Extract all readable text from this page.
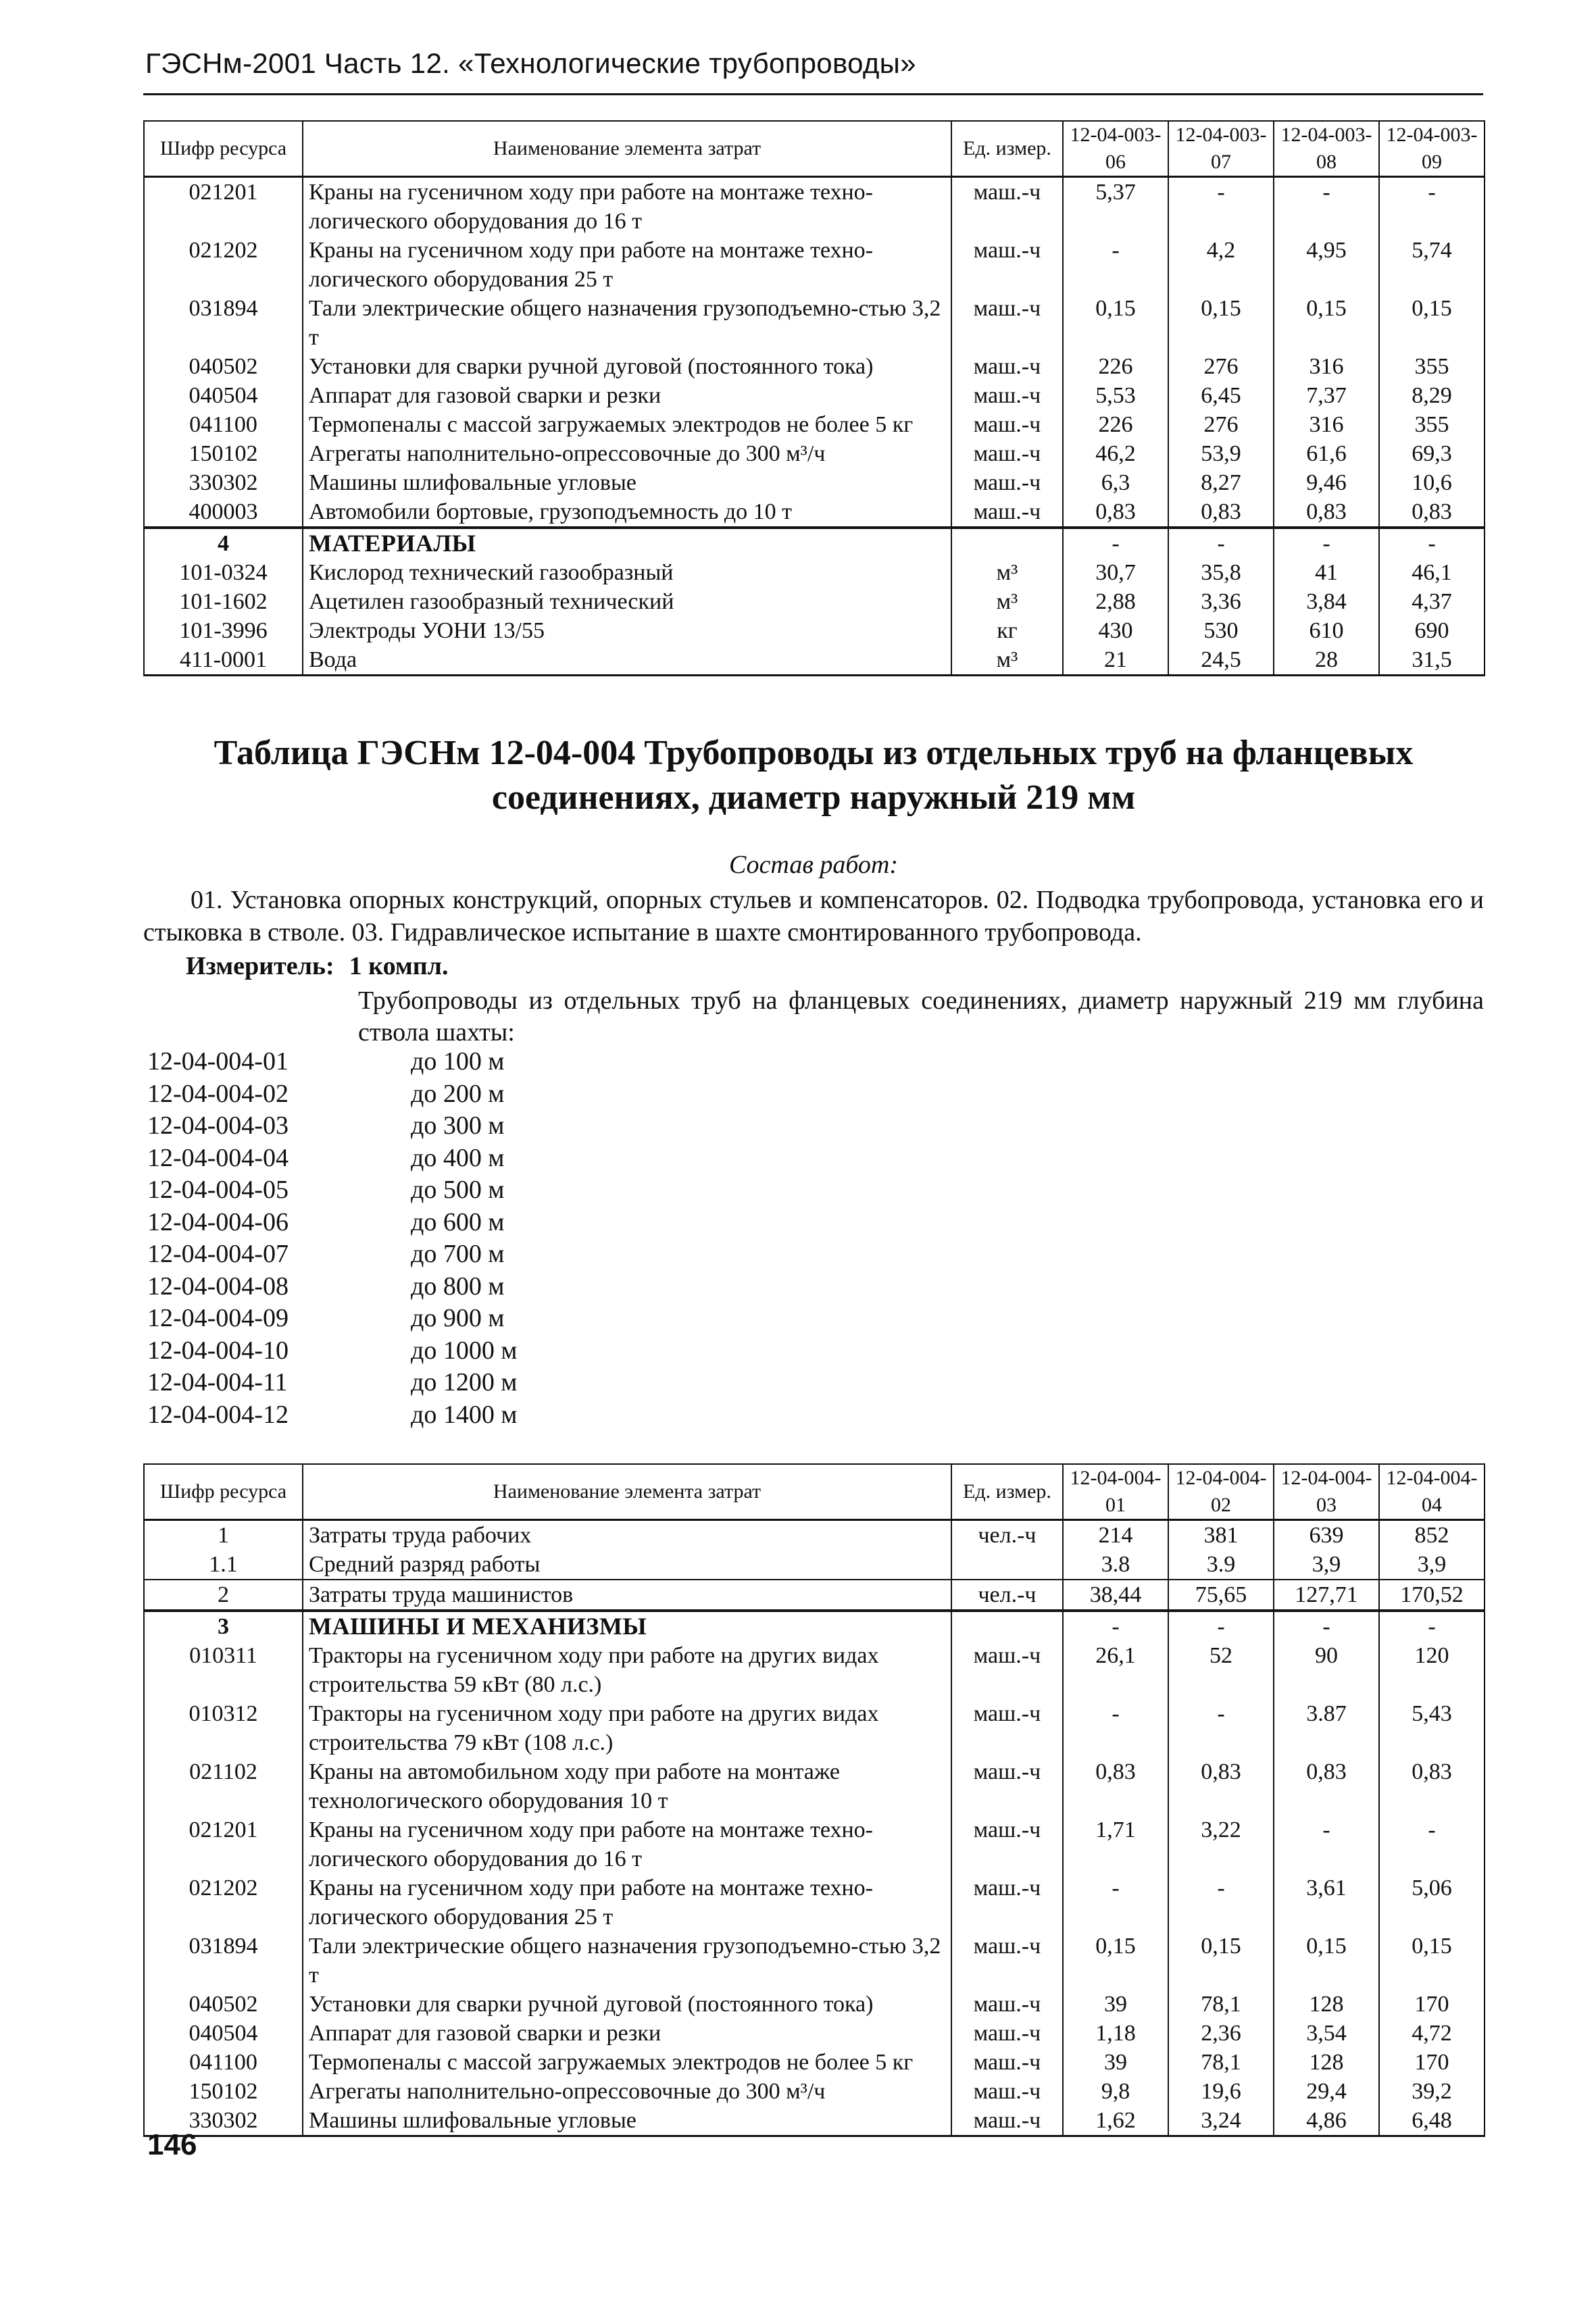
ГЭСНм-2001 Часть 12. «Технологические трубопроводы»
Шифр ресурса	Наименование элемента затрат	Ед. измер.	12-04-003-06	12-04-003-07	12-04-003-08	12-04-003-09
021201	Краны на гусеничном ходу при работе на монтаже техно-логического оборудования до 16 т	маш.-ч	5,37	-	-	-
021202	Краны на гусеничном ходу при работе на монтаже техно-логического оборудования 25 т	маш.-ч	-	4,2	4,95	5,74
031894	Тали электрические общего назначения грузоподъемно-стью 3,2 т	маш.-ч	0,15	0,15	0,15	0,15
040502	Установки для сварки ручной дуговой (постоянного тока)	маш.-ч	226	276	316	355
040504	Аппарат для газовой сварки и резки	маш.-ч	5,53	6,45	7,37	8,29
041100	Термопеналы с массой загружаемых электродов не более 5 кг	маш.-ч	226	276	316	355
150102	Агрегаты наполнительно-опрессовочные до 300 м³/ч	маш.-ч	46,2	53,9	61,6	69,3
330302	Машины шлифовальные угловые	маш.-ч	6,3	8,27	9,46	10,6
400003	Автомобили бортовые, грузоподъемность до 10 т	маш.-ч	0,83	0,83	0,83	0,83
4	МАТЕРИАЛЫ		-	-	-	-
101-0324	Кислород технический газообразный	м³	30,7	35,8	41	46,1
101-1602	Ацетилен газообразный технический	м³	2,88	3,36	3,84	4,37
101-3996	Электроды УОНИ 13/55	кг	430	530	610	690
411-0001	Вода	м³	21	24,5	28	31,5
Таблица ГЭСНм 12-04-004 Трубопроводы из отдельных труб на фланцевых соединениях, диаметр наружный 219 мм
Состав работ:
01. Установка опорных конструкций, опорных стульев и компенсаторов. 02. Подводка трубопровода, установка его и стыковка в стволе. 03. Гидравлическое испытание в шахте смонтированного трубопровода.
Измеритель: 1 компл.
Трубопроводы из отдельных труб на фланцевых соединениях, диаметр наружный 219 мм глубина ствола шахты:
12-04-004-01	до 100 м
12-04-004-02	до 200 м
12-04-004-03	до 300 м
12-04-004-04	до 400 м
12-04-004-05	до 500 м
12-04-004-06	до 600 м
12-04-004-07	до 700 м
12-04-004-08	до 800 м
12-04-004-09	до 900 м
12-04-004-10	до 1000 м
12-04-004-11	до 1200 м
12-04-004-12	до 1400 м
Шифр ресурса	Наименование элемента затрат	Ед. измер.	12-04-004-01	12-04-004-02	12-04-004-03	12-04-004-04
1	Затраты труда рабочих	чел.-ч	214	381	639	852
1.1	Средний разряд работы		3.8	3.9	3,9	3,9
2	Затраты труда машинистов	чел.-ч	38,44	75,65	127,71	170,52
3	МАШИНЫ И МЕХАНИЗМЫ		-	-	-	-
010311	Тракторы на гусеничном ходу при работе на других видах строительства 59 кВт (80 л.с.)	маш.-ч	26,1	52	90	120
010312	Тракторы на гусеничном ходу при работе на других видах строительства 79 кВт (108 л.с.)	маш.-ч	-	-	3.87	5,43
021102	Краны на автомобильном ходу при работе на монтаже технологического оборудования 10 т	маш.-ч	0,83	0,83	0,83	0,83
021201	Краны на гусеничном ходу при работе на монтаже техно-логического оборудования до 16 т	маш.-ч	1,71	3,22	-	-
021202	Краны на гусеничном ходу при работе на монтаже техно-логического оборудования 25 т	маш.-ч	-	-	3,61	5,06
031894	Тали электрические общего назначения грузоподъемно-стью 3,2 т	маш.-ч	0,15	0,15	0,15	0,15
040502	Установки для сварки ручной дуговой (постоянного тока)	маш.-ч	39	78,1	128	170
040504	Аппарат для газовой сварки и резки	маш.-ч	1,18	2,36	3,54	4,72
041100	Термопеналы с массой загружаемых электродов не более 5 кг	маш.-ч	39	78,1	128	170
150102	Агрегаты наполнительно-опрессовочные до 300 м³/ч	маш.-ч	9,8	19,6	29,4	39,2
330302	Машины шлифовальные угловые	маш.-ч	1,62	3,24	4,86	6,48
146
